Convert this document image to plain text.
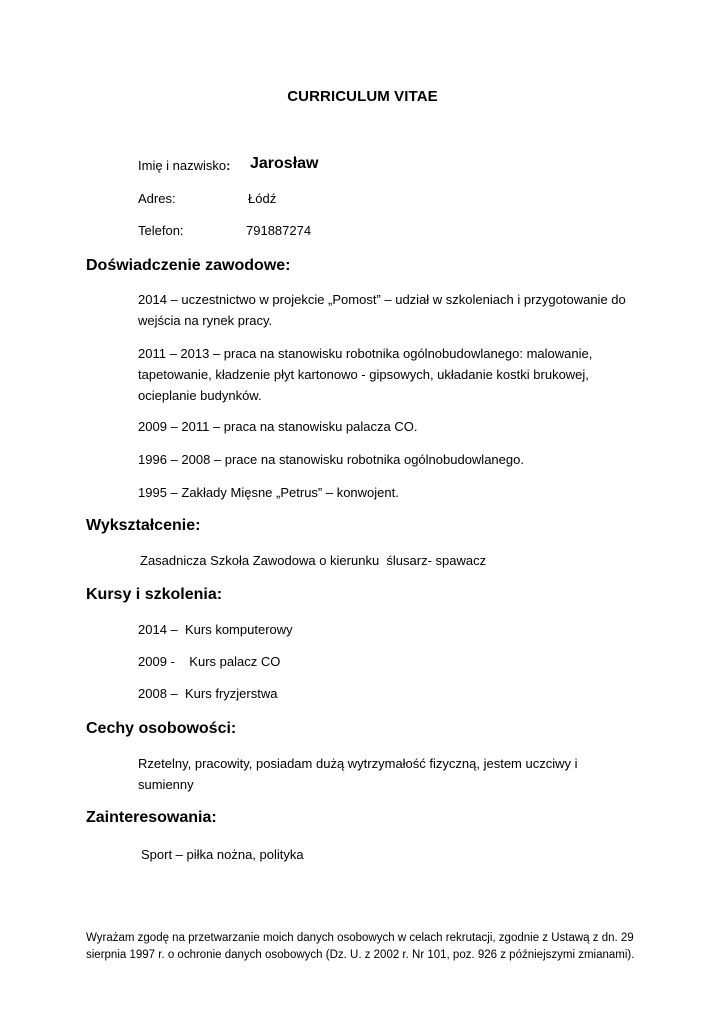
CURRICULUM VITAE
Imię i nazwisko: Jarosław
Adres:	Łódź
Telefon:	791887274
Doświadczenie zawodowe:
2014 – uczestnictwo w projekcie „Pomost” – udział w szkoleniach i przygotowanie do wejścia na rynek pracy.
2011 – 2013 – praca na stanowisku robotnika ogólnobudowlanego: malowanie, tapetowanie, kładzenie płyt kartonowo - gipsowych, układanie kostki brukowej, ocieplanie budynków.
2009 – 2011 – praca na stanowisku palacza CO.
1996 – 2008 – prace na stanowisku robotnika ogólnobudowlanego.
1995 – Zakłady Mięsne „Petrus” – konwojent.
Wykształcenie:
Zasadnicza Szkoła Zawodowa o kierunku  ślusarz- spawacz
Kursy i szkolenia:
2014 –  Kurs komputerowy
2009 -    Kurs palacz CO
2008 –  Kurs fryzjerstwa
Cechy osobowości:
Rzetelny, pracowity, posiadam dużą wytrzymałość fizyczną, jestem uczciwy i sumienny
Zainteresowania:
Sport – piłka nożna, polityka
Wyrażam zgodę na przetwarzanie moich danych osobowych w celach rekrutacji, zgodnie z Ustawą z dn. 29 sierpnia 1997 r. o ochronie danych osobowych (Dz. U. z 2002 r. Nr 101, poz. 926 z późniejszymi zmianami).
